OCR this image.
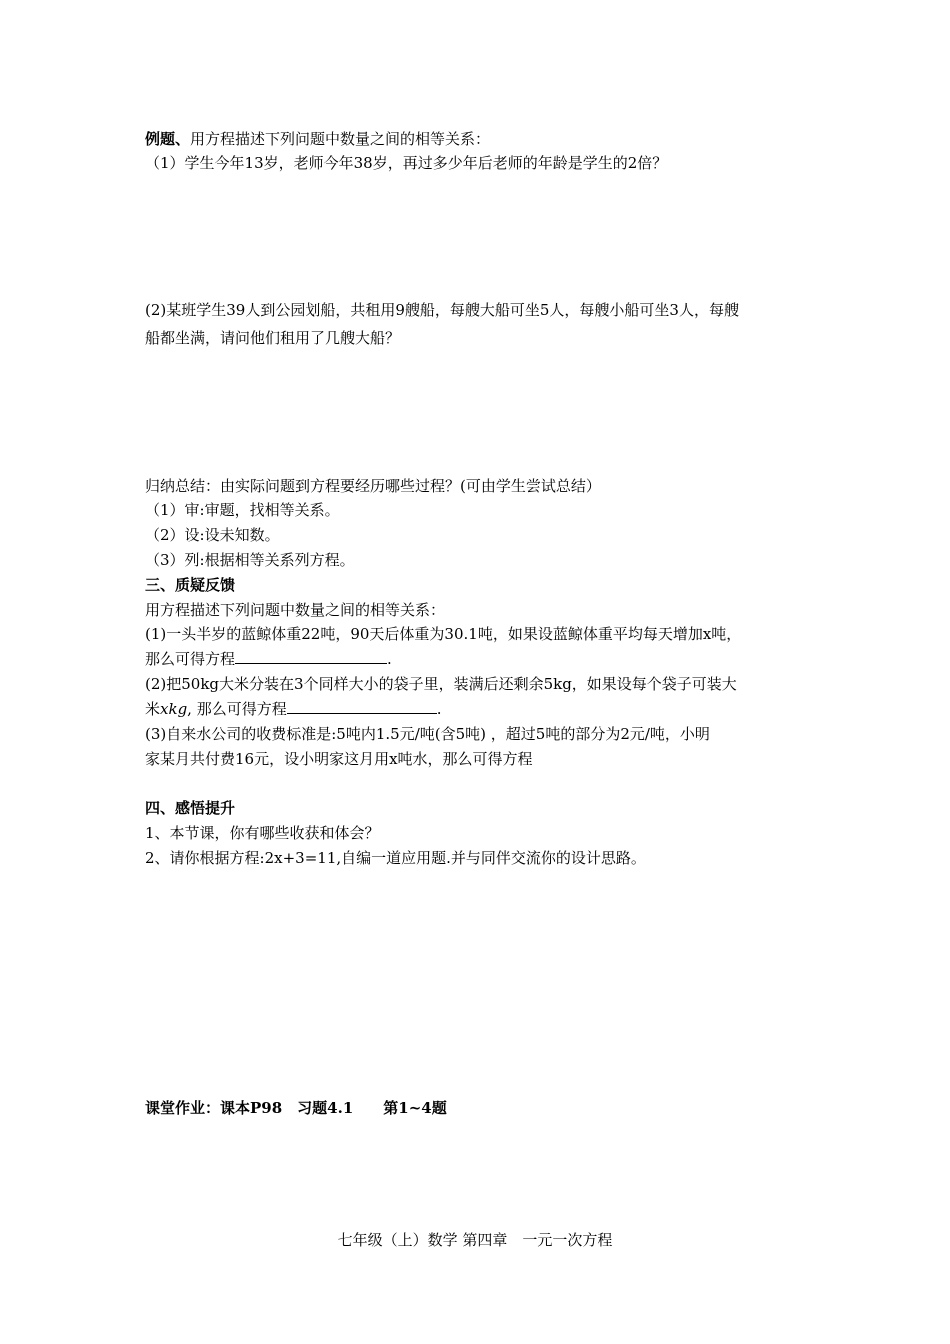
例题、用方程描述下列问题中数量之间的相等关系：
（1）学生今年13岁，老师今年38岁，再过多少年后老师的年龄是学生的2倍？
(2)某班学生39人到公园划船，共租用9艘船，每艘大船可坐5人，每艘小船可坐3人，每艘
船都坐满，请问他们租用了几艘大船？
归纳总结：由实际问题到方程要经历哪些过程？(可由学生尝试总结）
（1）审:审题，找相等关系。
（2）设:设未知数。
（3）列:根据相等关系列方程。
三、质疑反馈
用方程描述下列问题中数量之间的相等关系：
(1)一头半岁的蓝鲸体重22吨，90天后体重为30.1吨，如果设蓝鲸体重平均每天增加x吨，
那么可得方程	.
(2)把50kg大米分装在3个同样大小的袋子里，装满后还剩余5kg，如果设每个袋子可装大
米xkg, 那么可得方程	.
(3)自来水公司的收费标准是:5吨内1.5元/吨(含5吨) ，超过5吨的部分为2元/吨，小明
家某月共付费16元，设小明家这月用x吨水，那么可得方程
四、感悟提升
1、本节课，你有哪些收获和体会？
2、请你根据方程:2x+3=11,自编一道应用题.并与同伴交流你的设计思路。
课堂作业：课本P98　习题4.1　　第1~4题
七年级（上）数学 第四章　一元一次方程
